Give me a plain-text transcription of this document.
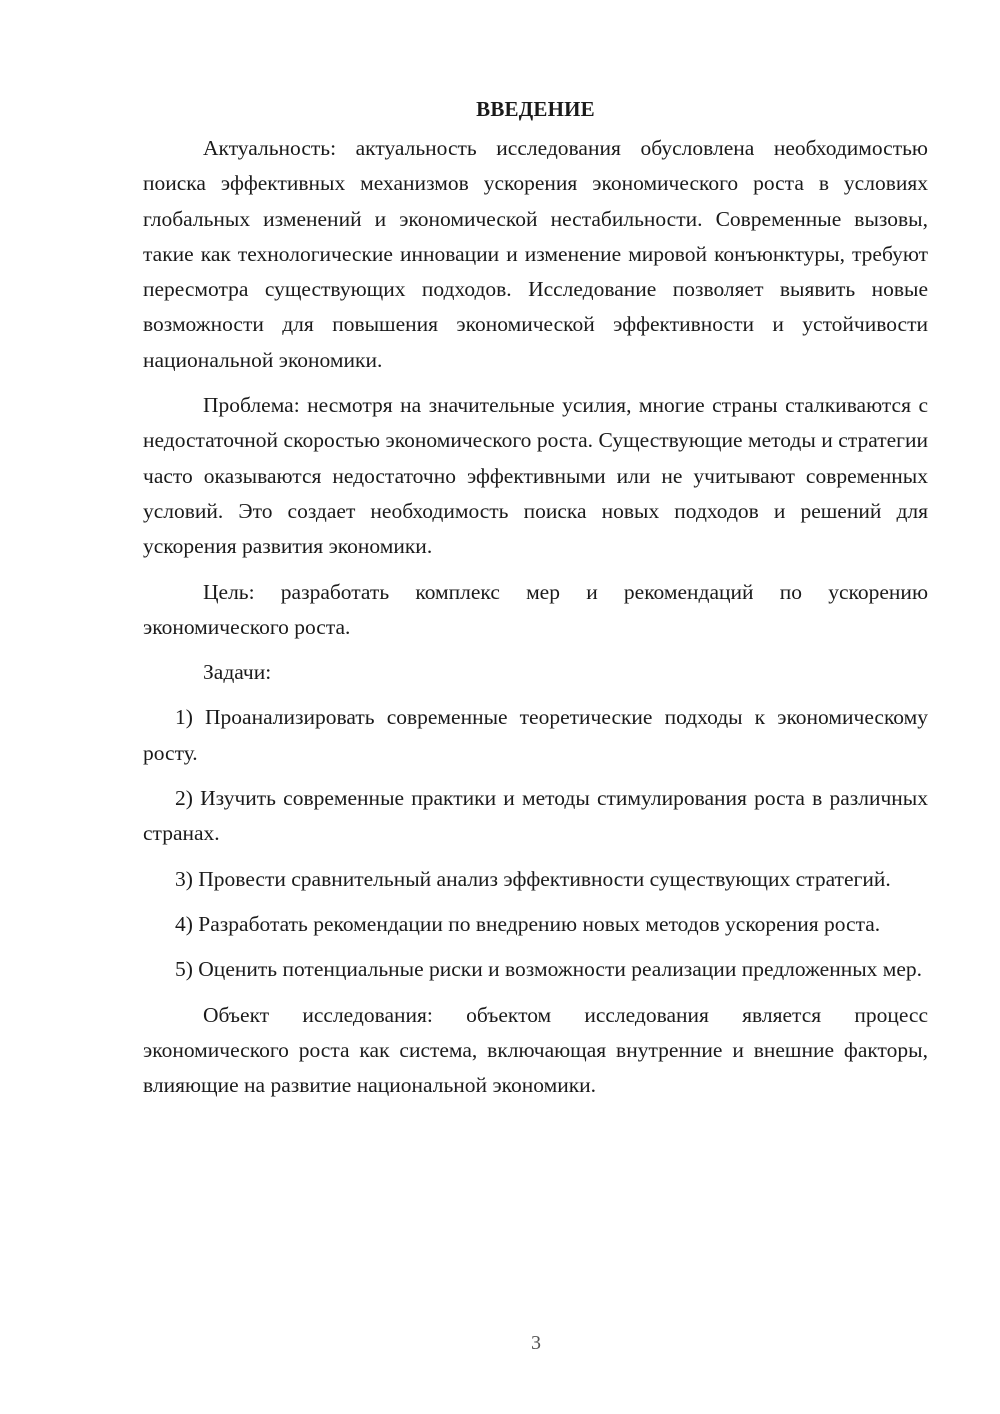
ВВЕДЕНИЕ

Актуальность: актуальность исследования обусловлена необходимостью поиска эффективных механизмов ускорения экономического роста в условиях глобальных изменений и экономической нестабильности. Современные вызовы, такие как технологические инновации и изменение мировой конъюнктуры, требуют пересмотра существующих подходов. Исследование позволяет выявить новые возможности для повышения экономической эффективности и устойчивости национальной экономики.

Проблема: несмотря на значительные усилия, многие страны сталкиваются с недостаточной скоростью экономического роста. Существующие методы и стратегии часто оказываются недостаточно эффективными или не учитывают современных условий. Это создает необходимость поиска новых подходов и решений для ускорения развития экономики.

Цель: разработать комплекс мер и рекомендаций по ускорению экономического роста.

Задачи:

1) Проанализировать современные теоретические подходы к экономическому росту.

2) Изучить современные практики и методы стимулирования роста в различных странах.

3) Провести сравнительный анализ эффективности существующих стратегий.

4) Разработать рекомендации по внедрению новых методов ускорения роста.

5) Оценить потенциальные риски и возможности реализации предложенных мер.

Объект исследования: объектом исследования является процесс экономического роста как система, включающая внутренние и внешние факторы, влияющие на развитие национальной экономики.

3
